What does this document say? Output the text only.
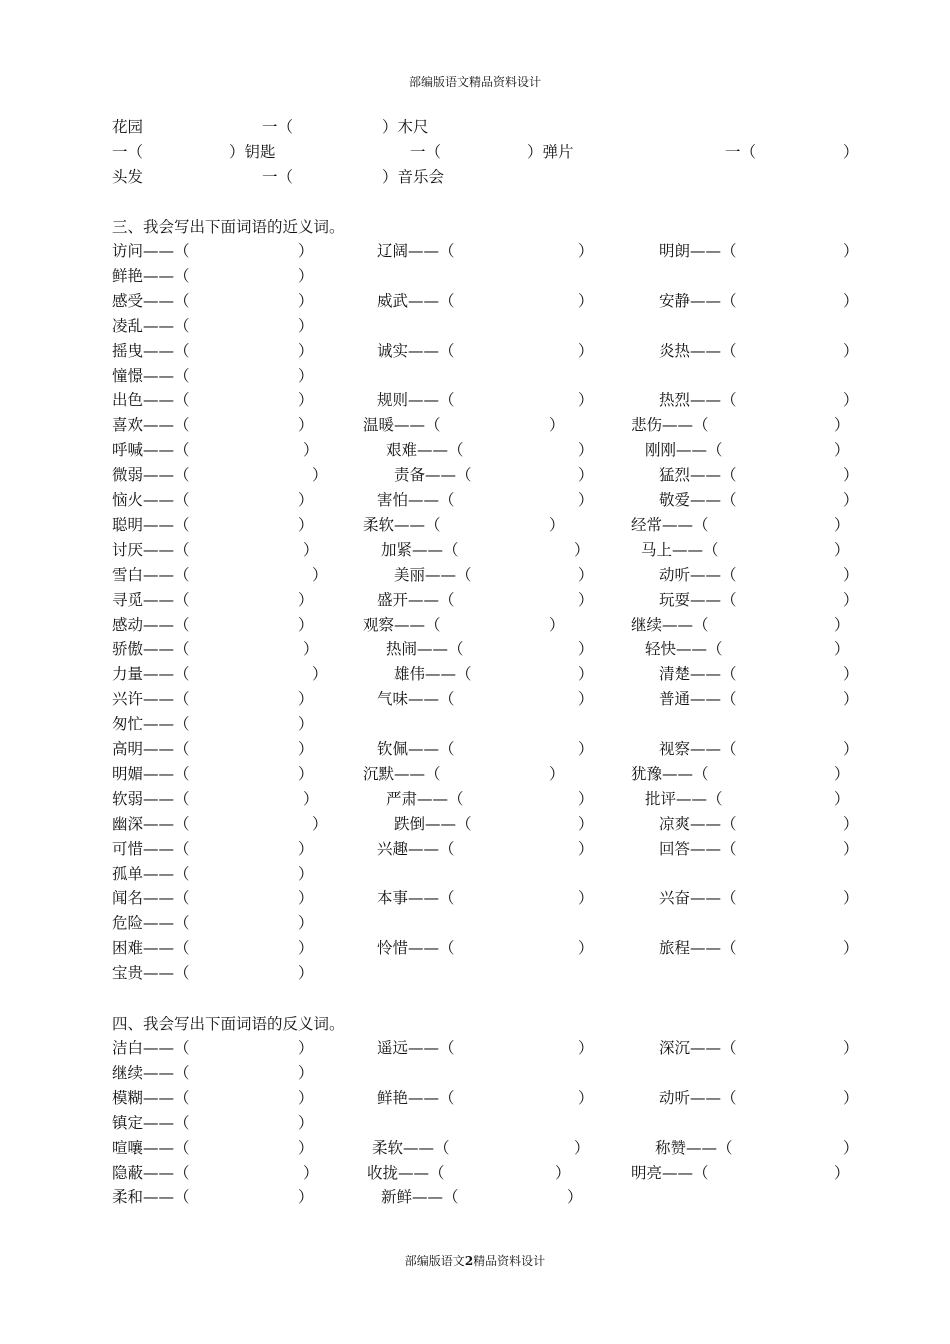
部编版语文精品资料设计
花园	一（	）木尺
一（	）钥匙	一（	）弹片	一（	）
头发	一（	）音乐会
三、我会写出下面词语的近义词。
访问——（	）	辽阔——（	）	明朗——（	）
鲜艳——（	）
感受——（	）	威武——（	）	安静——（	）
凌乱——（	）
摇曳——（	）	诚实——（	）	炎热——（	）
憧憬——（	）
出色——（	）	规则——（	）	热烈——（	）
喜欢——（	）	温暖——（	）	悲伤——（	）
呼喊——（	）	艰难——（	）	刚刚——（	）
微弱——（	）	责备——（	）	猛烈——（	）
恼火——（	）	害怕——（	）	敬爱——（	）
聪明——（	）	柔软——（	）	经常——（	）
讨厌——（	）	加紧——（	）	马上——（	）
雪白——（	）	美丽——（	）	动听——（	）
寻觅——（	）	盛开——（	）	玩耍——（	）
感动——（	）	观察——（	）	继续——（	）
骄傲——（	）	热闹——（	）	轻快——（	）
力量——（	）	雄伟——（	）	清楚——（	）
兴许——（	）	气味——（	）	普通——（	）
匆忙——（	）
高明——（	）	钦佩——（	）	视察——（	）
明媚——（	）	沉默——（	）	犹豫——（	）
软弱——（	）	严肃——（	）	批评——（	）
幽深——（	）	跌倒——（	）	凉爽——（	）
可惜——（	）	兴趣——（	）	回答——（	）
孤单——（	）
闻名——（	）	本事——（	）	兴奋——（	）
危险——（	）
困难——（	）	怜惜——（	）	旅程——（	）
宝贵——（	）
四、我会写出下面词语的反义词。
洁白——（	）	遥远——（	）	深沉——（	）
继续——（	）
模糊——（	）	鲜艳——（	）	动听——（	）
镇定——（	）
喧嚷——（	）	柔软——（	）	称赞——（	）
隐蔽——（	）	收拢——（	）	明亮——（	）
柔和——（	）	新鲜——（	）
部编版语文2精品资料设计
